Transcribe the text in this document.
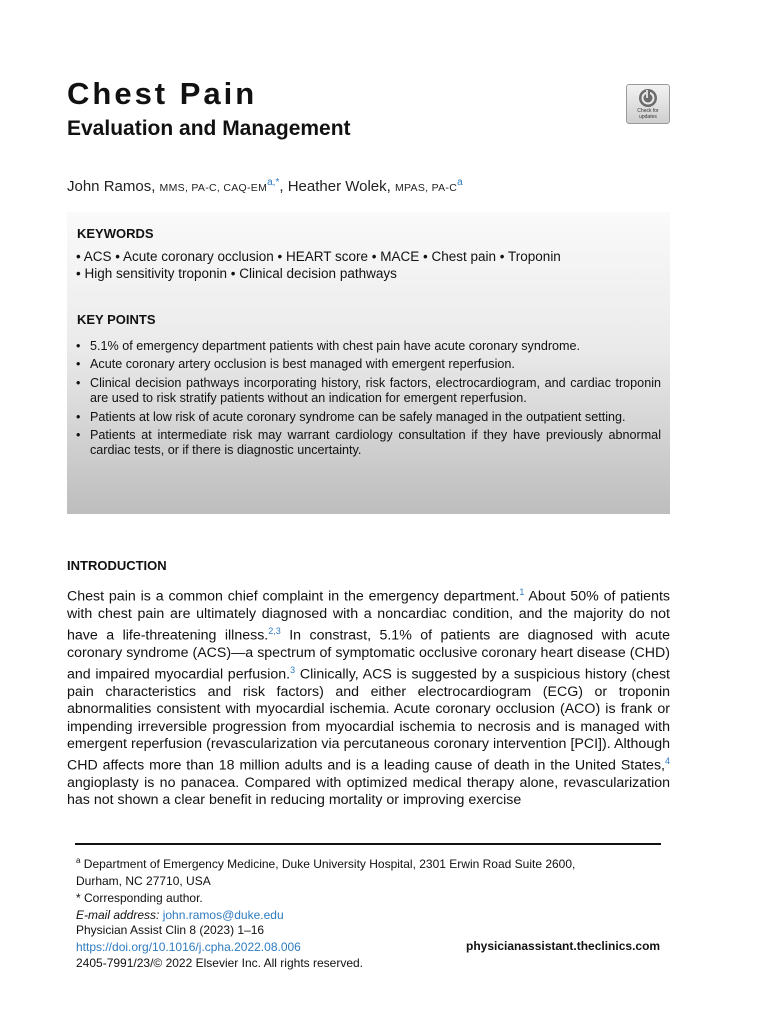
Chest Pain
Evaluation and Management
Check for
updates
John Ramos, MMS, PA-C, CAQ-$EM^{a,*}$, Heather Wolek, MPAS, $PA-C^a$
KEYWORDS
• ACS • Acute coronary occlusion • HEART score • MACE • Chest pain • Troponin
• High sensitivity troponin • Clinical decision pathways
KEY POINTS
• 5.1% of emergency department patients with chest pain have acute coronary syndrome.
• Acute coronary artery occlusion is best managed with emergent reperfusion.
• Clinical decision pathways incorporating history, risk factors, electrocardiogram, and cardiac troponin are used to risk stratify patients without an indication for emergent reperfusion.
• Patients at low risk of acute coronary syndrome can be safely managed in the outpatient setting.
• Patients at intermediate risk may warrant cardiology consultation if they have previously abnormal cardiac tests, or if there is diagnostic uncertainty.
INTRODUCTION

Chest pain is a common chief complaint in the emergency department.$^1$ About 50% of patients with chest pain are ultimately diagnosed with a noncardiac condition, and the majority do not have a life-threatening illness.$^{2,3}$ In constrast, 5.1% of patients are diagnosed with acute coronary syndrome (ACS)—a spectrum of symptomatic occlusive coronary heart disease (CHD) and impaired myocardial perfusion.$^3$ Clinically, ACS is suggested by a suspicious history (chest pain characteristics and risk factors) and either electrocardiogram (ECG) or troponin abnormalities consistent with myocardial ischemia. Acute coronary occlusion (ACO) is frank or impending irreversible progression from myocardial ischemia to necrosis and is managed with emergent reperfusion (revascularization via percutaneous coronary intervention [PCI]). Although CHD affects more than 18 million adults and is a leading cause of death in the United States,$^4$ angioplasty is no panacea. Compared with optimized medical therapy alone, revascularization has not shown a clear benefit in reducing mortality or improving exercise

$^a$ Department of Emergency Medicine, Duke University Hospital, 2301 Erwin Road Suite 2600,
Durham, NC 27710, USA
* Corresponding author.
E-mail address: john.ramos@duke.edu
Physician Assist Clin 8 (2023) 1–16
https://doi.org/10.1016/j.cpha.2022.08.006
2405-7991/23/© 2022 Elsevier Inc. All rights reserved.
physicianassistant.theclinics.com
